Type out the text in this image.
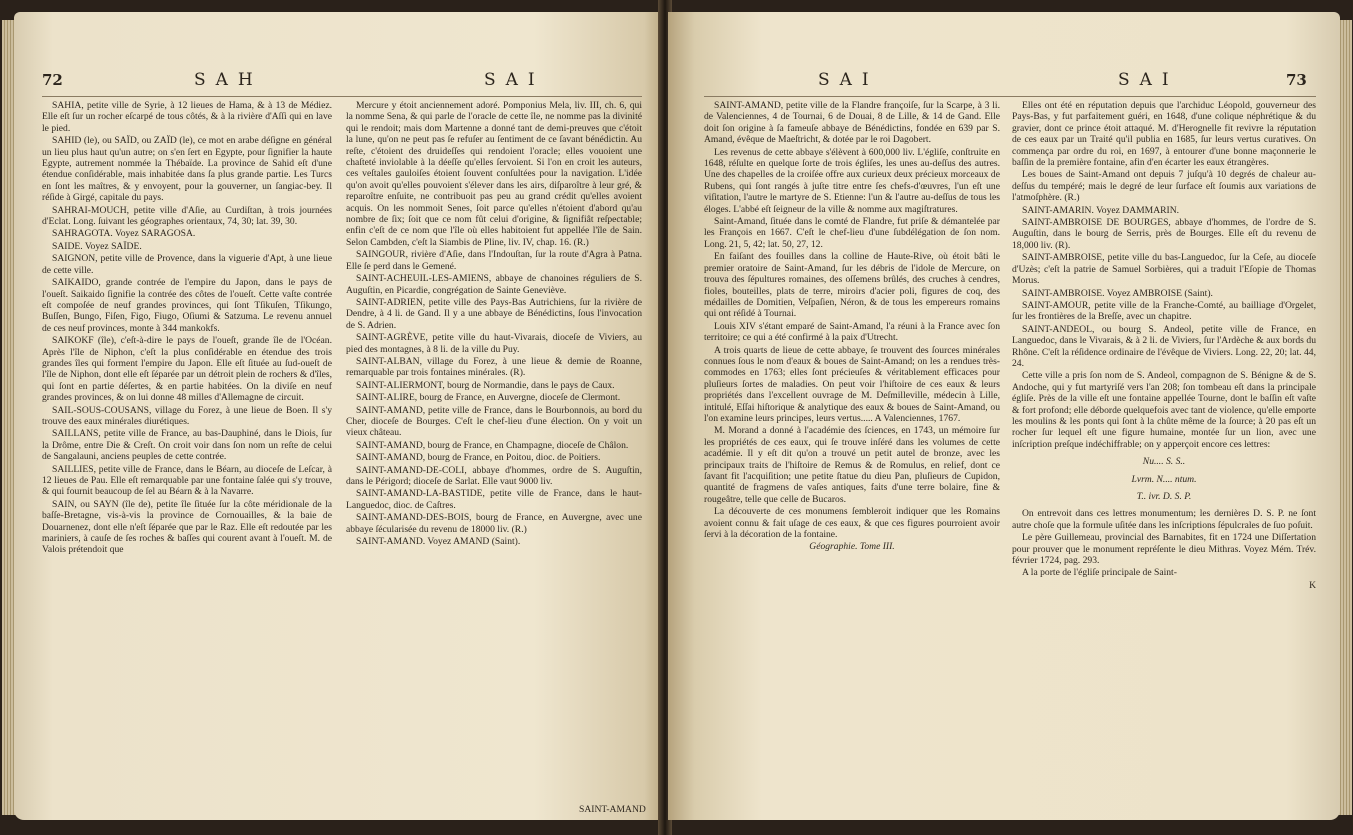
72	SAH	SAI

SAHIA, petite ville de Syrie, à 12 lieues de Hama, & à 13 de Médiez. Elle eſt ſur un rocher eſcarpé de tous côtés, & à la rivière d'Aſſi qui en lave le pied.

SAHID (le), ou SAÏD, ou ZAÏD (le), ce mot en arabe déſigne en général un lieu plus haut qu'un autre; on s'en ſert en Egypte, pour ſignifier la haute Egypte, autrement nommée la Thébaïde. La province de Sahid eſt d'une étendue conſidérable, mais inhabitée dans ſa plus grande partie. Les Turcs en ſont les maîtres, & y envoyent, pour la gouverner, un ſangiac-bey. Il réſide à Girgé, capitale du pays.

SAHRAI-MOUCH, petite ville d'Aſie, au Curdiſtan, à trois journées d'Eclat. Long. ſuivant les géographes orientaux, 74, 30; lat. 39, 30.

SAHRAGOTA. Voyez SARAGOSA.

SAIDE. Voyez SAÏDE.

SAIGNON, petite ville de Provence, dans la viguerie d'Apt, à une lieue de cette ville.

SAIKAIDO, grande contrée de l'empire du Japon, dans le pays de l'oueſt. Saikaido ſignifie la contrée des côtes de l'oueſt. Cette vaſte contrée eſt compoſée de neuf grandes provinces, qui ſont Tſikuſen, Tſikungo, Buſſen, Bungo, Fiſen, Figo, Fiugo, Oſiumi & Satzuma. Le revenu annuel de ces neuf provinces, monte à 344 mankokfs.

SAIKOKF (île), c'eſt-à-dire le pays de l'oueſt, grande île de l'Océan. Après l'île de Niphon, c'eſt la plus conſidérable en étendue des trois grandes îles qui forment l'empire du Japon. Elle eſt ſituée au ſud-oueſt de l'île de Niphon, dont elle eſt ſéparée par un détroit plein de rochers & d'îles, qui ſont en partie déſertes, & en partie habitées. On la diviſe en neuf grandes provinces, & on lui donne 48 milles d'Allemagne de circuit.

SAIL-SOUS-COUSANS, village du Forez, à une lieue de Boen. Il s'y trouve des eaux minérales diurétiques.

SAILLANS, petite ville de France, au bas-Dauphiné, dans le Diois, ſur la Drôme, entre Die & Creſt. On croit voir dans ſon nom un reſte de celui de Sangalauni, anciens peuples de cette contrée.

SAILLIES, petite ville de France, dans le Béarn, au dioceſe de Leſcar, à 12 lieues de Pau. Elle eſt remarquable par une fontaine ſalée qui s'y trouve, & qui fournit beaucoup de ſel au Béarn & à la Navarre.

SAIN, ou SAYN (île de), petite île ſituée ſur la côte méridionale de la baſſe-Bretagne, vis-à-vis la province de Cornouailles, & la baie de Douarnenez, dont elle n'eſt ſéparée que par le Raz. Elle eſt redoutée par les mariniers, à cauſe de ſes roches & baſſes qui courent avant à l'oueſt. M. de Valois prétendoit que

Mercure y étoit anciennement adoré. Pomponius Mela, liv. III, ch. 6, qui la nomme Sena, & qui parle de l'oracle de cette île, ne nomme pas la divinité qui le rendoit; mais dom Martenne a donné tant de demi-preuves que c'étoit la lune, qu'on ne peut pas ſe refuſer au ſentiment de ce ſavant bénédictin. Au reſte, c'étoient des druideſſes qui rendoient l'oracle; elles vouoient une chaſteté inviolable à la déeſſe qu'elles ſervoient. Si l'on en croit les auteurs, ces veſtales gauloiſes étoient ſouvent conſultées pour la navigation. L'idée qu'on avoit qu'elles pouvoient s'élever dans les airs, diſparoître à leur gré, & reparoître enſuite, ne contribuoit pas peu au grand crédit qu'elles avoient acquis. On les nommoit Senes, ſoit parce qu'elles n'étoient d'abord qu'au nombre de ſix; ſoit que ce nom fût celui d'origine, & ſignifiât reſpectable; enfin c'eſt de ce nom que l'île où elles habitoient fut appellée l'île de Sain. Selon Cambden, c'eſt la Siambis de Pline, liv. IV, chap. 16. (R.)

SAINGOUR, rivière d'Aſie, dans l'Indouſtan, ſur la route d'Agra à Patna. Elle ſe perd dans le Gemené.

SAINT-ACHEUIL-LES-AMIENS, abbaye de chanoines réguliers de S. Auguſtin, en Picardie, congrégation de Sainte Geneviève.

SAINT-ADRIEN, petite ville des Pays-Bas Autrichiens, ſur la rivière de Dendre, à 4 li. de Gand. Il y a une abbaye de Bénédictins, ſous l'invocation de S. Adrien.

SAINT-AGRÈVE, petite ville du haut-Vivarais, dioceſe de Viviers, au pied des montagnes, à 8 li. de la ville du Puy.

SAINT-ALBAN, village du Forez, à une lieue & demie de Roanne, remarquable par trois fontaines minérales. (R).

SAINT-ALIERMONT, bourg de Normandie, dans le pays de Caux.

SAINT-ALIRE, bourg de France, en Auvergne, dioceſe de Clermont.

SAINT-AMAND, petite ville de France, dans le Bourbonnois, au bord du Cher, dioceſe de Bourges. C'eſt le chef-lieu d'une élection. On y voit un vieux château.

SAINT-AMAND, bourg de France, en Champagne, dioceſe de Châlon.

SAINT-AMAND, bourg de France, en Poitou, dioc. de Poitiers.

SAINT-AMAND-DE-COLI, abbaye d'hommes, ordre de S. Auguſtin, dans le Périgord; dioceſe de Sarlat. Elle vaut 9000 liv.

SAINT-AMAND-LA-BASTIDE, petite ville de France, dans le haut-Languedoc, dioc. de Caſtres.

SAINT-AMAND-DES-BOIS, bourg de France, en Auvergne, avec une abbaye ſécularisée du revenu de 18000 liv. (R.)

SAINT-AMAND. Voyez AMAND (Saint).

SAINT-AMAND
SAI	SAI	73

SAINT-AMAND, petite ville de la Flandre françoiſe, ſur la Scarpe, à 3 li. de Valenciennes, 4 de Tournai, 6 de Douai, 8 de Lille, & 14 de Gand. Elle doit ſon origine à ſa fameuſe abbaye de Bénédictins, fondée en 639 par S. Amand, évêque de Maeſtricht, & dotée par le roi Dagobert.

Les revenus de cette abbaye s'élèvent à 600,000 liv. L'égliſe, conſtruite en 1648, réſulte en quelque ſorte de trois égliſes, les unes au-deſſus des autres. Une des chapelles de la croiſée offre aux curieux deux précieux morceaux de Rubens, qui ſont rangés à juſte titre entre ſes chefs-d'œuvres, l'un eſt une viſitation, l'autre le martyre de S. Etienne: l'un & l'autre au-deſſus de tous les éloges. L'abbé eſt ſeigneur de la ville & nomme aux magiſtratures.

Saint-Amand, ſituée dans le comté de Flandre, fut priſe & démantelée par les François en 1667. C'eſt le chef-lieu d'une ſubdélégation de ſon nom. Long. 21, 5, 42; lat. 50, 27, 12.

En faiſant des fouilles dans la colline de Haute-Rive, où étoit bâti le premier oratoire de Saint-Amand, ſur les débris de l'idole de Mercure, on trouva des ſépultures romaines, des oſſemens brûlés, des cruches à cendres, fioles, bouteilles, plats de terre, miroirs d'acier poli, figures de coq, des médailles de Domitien, Veſpaſien, Néron, & de tous les empereurs romains qui ont réſidé à Tournai.

Louis XIV s'étant emparé de Saint-Amand, l'a réuni à la France avec ſon territoire; ce qui a été confirmé à la paix d'Utrecht.

A trois quarts de lieue de cette abbaye, ſe trouvent des ſources minérales connues ſous le nom d'eaux & boues de Saint-Amand; on les a rendues très-commodes en 1763; elles ſont précieuſes & véritablement efficaces pour pluſieurs ſortes de maladies. On peut voir l'hiſtoire de ces eaux & leurs propriétés dans l'excellent ouvrage de M. Deſmilleville, médecin à Lille, intitulé, Eſſai hiſtorique & analytique des eaux & boues de Saint-Amand, ou l'on examine leurs principes, leurs vertus..... A Valenciennes, 1767.

M. Morand a donné à l'académie des ſciences, en 1743, un mémoire ſur les propriétés de ces eaux, qui ſe trouve inſéré dans les volumes de cette académie. Il y eſt dit qu'on a trouvé un petit autel de bronze, avec les principaux traits de l'hiſtoire de Remus & de Romulus, en relief, dont ce ſavant fit l'acquiſition; une petite ſtatue du dieu Pan, pluſieurs de Cupidon, quantité de fragmens de vaſes antiques, faits d'une terre bolaire, fine & rougeâtre, telle que celle de Bucaros.

La découverte de ces monumens ſembleroit indiquer que les Romains avoient connu & fait uſage de ces eaux, & que ces figures pourroient avoir ſervi à la décoration de la fontaine.

Géographie. Tome III.

Elles ont été en réputation depuis que l'archiduc Léopold, gouverneur des Pays-Bas, y fut parfaitement guéri, en 1648, d'une colique néphrétique & du gravier, dont ce prince étoit attaqué. M. d'Herognelle fit revivre la réputation de ces eaux par un Traité qu'il publia en 1685, ſur leurs vertus curatives. On commença par ordre du roi, en 1697, à entourer d'une bonne maçonnerie le baſſin de la première fontaine, afin d'en écarter les eaux étrangères.

Les boues de Saint-Amand ont depuis 7 juſqu'à 10 degrés de chaleur au-deſſus du tempéré; mais le degré de leur ſurface eſt ſoumis aux variations de l'atmoſphère. (R.)

SAINT-AMARIN. Voyez DAMMARIN.

SAINT-AMBROISE DE BOURGES, abbaye d'hommes, de l'ordre de S. Auguſtin, dans le bourg de Serris, près de Bourges. Elle eſt du revenu de 18,000 liv. (R).

SAINT-AMBROISE, petite ville du bas-Languedoc, ſur la Ceſe, au dioceſe d'Uzès; c'eſt la patrie de Samuel Sorbières, qui a traduit l'Eſopie de Thomas Morus.

SAINT-AMBROISE. Voyez AMBROISE (Saint).

SAINT-AMOUR, petite ville de la Franche-Comté, au bailliage d'Orgelet, ſur les frontières de la Breſſe, avec un chapitre.

SAINT-ANDEOL, ou bourg S. Andeol, petite ville de France, en Languedoc, dans le Vivarais, & à 2 li. de Viviers, ſur l'Ardèche & aux bords du Rhône. C'eſt la réſidence ordinaire de l'évêque de Viviers. Long. 22, 20; lat. 44, 24.

Cette ville a pris ſon nom de S. Andeol, compagnon de S. Bénigne & de S. Andoche, qui y fut martyriſé vers l'an 208; ſon tombeau eſt dans la principale égliſe. Près de la ville eſt une fontaine appellée Tourne, dont le baſſin eſt vaſte & fort profond; elle déborde quelquefois avec tant de violence, qu'elle emporte les moulins & les ponts qui ſont à la chûte même de la ſource; à 20 pas eſt un rocher ſur lequel eſt une figure humaine, montée ſur un lion, avec une inſcription preſque indéchiffrable; on y apperçoit encore ces lettres:

Nu.... S. S..

Lvrm. N.... ntum.

T.. ivr. D. S. P.

On entrevoit dans ces lettres monumentum; les dernières D. S. P. ne ſont autre choſe que la formule uſitée dans les inſcriptions ſépulcrales de ſuo poſuit.

Le père Guillemeau, provincial des Barnabites, fit en 1724 une Diſſertation pour prouver que le monument repréſente le dieu Mithras. Voyez Mém. Trév. février 1724, pag. 293.

A la porte de l'égliſe principale de Saint-

K
